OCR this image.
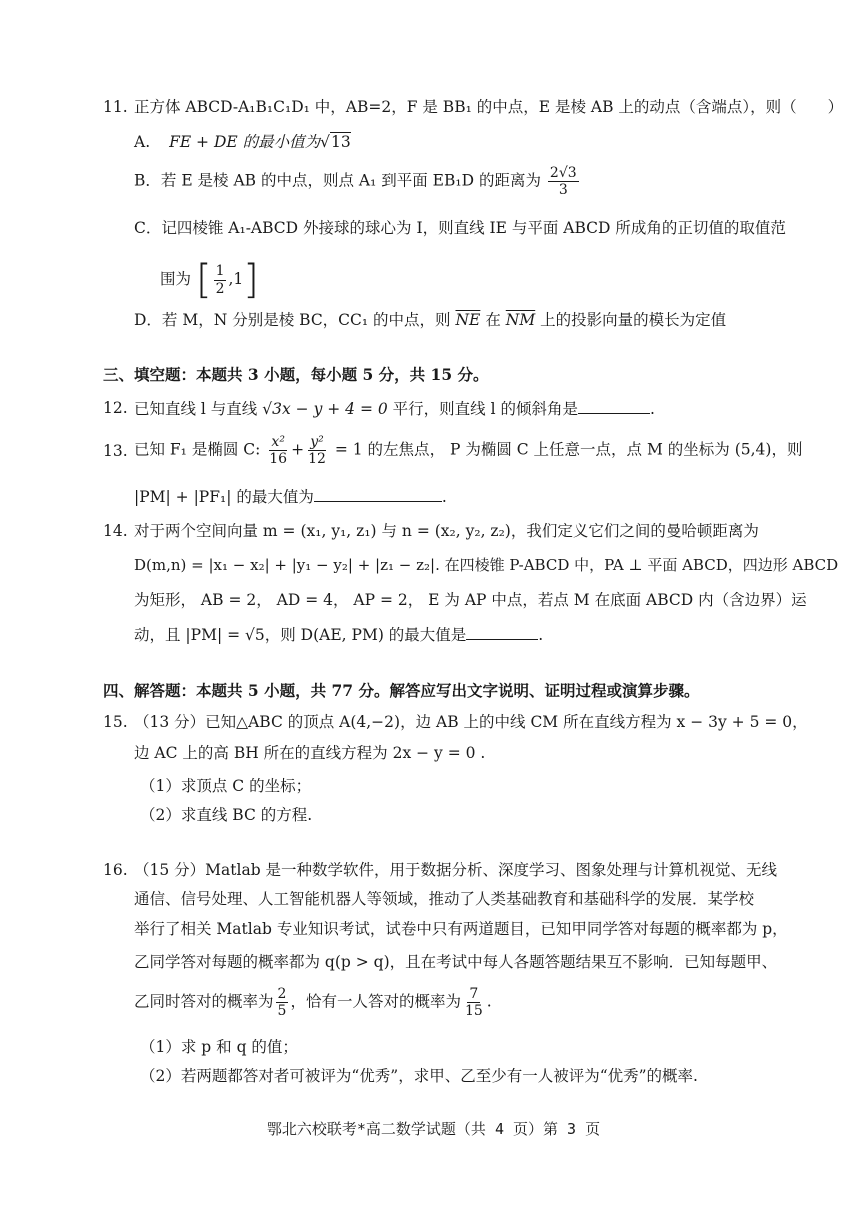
11. 正方体 ABCD-A₁B₁C₁D₁ 中，AB=2，F 是 BB₁ 的中点，E 是棱 AB 上的动点（含端点），则（　　）
A. FE + DE 的最小值为√13
B．若 E 是棱 AB 的中点，则点 A₁ 到平面 EB₁D 的距离为 $\frac{2√3}{3}$
C．记四棱锥 A₁-ABCD 外接球的球心为 I，则直线 IE 与平面 ABCD 所成角的正切值的取值范
围为 [ $\frac{1}{2} ,1$]
D．若 M，N 分别是棱 BC，CC₁ 的中点，则 $\overline{NE}$ 在 $\overline{NM}$ 上的投影向量的模长为定值
三、填空题：本题共 3 小题，每小题 5 分，共 15 分。
12. 已知直线 l 与直线 √3x − y + 4 = 0 平行，则直线 l 的倾斜角是	.
13. 已知 F₁ 是椭圆 C: $\frac{\text{x²}}{16} + \frac{\text{y²}}{12} = 1$ 的左焦点， P 为椭圆 C 上任意一点，点 M 的坐标为 (5,4)，则
|PM| + |PF₁| 的最大值为	.
14. 对于两个空间向量 m = (x₁, y₁, z₁) 与 n = (x₂, y₂, z₂)，我们定义它们之间的曼哈顿距离为
D(m,n) = |x₁ − x₂| + |y₁ − y₂| + |z₁ − z₂|. 在四棱锥 P-ABCD 中，PA ⊥ 平面 ABCD，四边形 ABCD
为矩形， AB = 2， AD = 4， AP = 2， E 为 AP 中点，若点 M 在底面 ABCD 内（含边界）运
动，且 |PM| = √5，则 D(AE, PM) 的最大值是	.
四、解答题：本题共 5 小题，共 77 分。解答应写出文字说明、证明过程或演算步骤。
15. （13 分）已知△ABC 的顶点 A(4,−2)，边 AB 上的中线 CM 所在直线方程为 x − 3y + 5 = 0，
边 AC 上的高 BH 所在的直线方程为 2x − y = 0 .
（1）求顶点 C 的坐标；
（2）求直线 BC 的方程.
16. （15 分）Matlab 是一种数学软件，用于数据分析、深度学习、图象处理与计算机视觉、无线
通信、信号处理、人工智能机器人等领域，推动了人类基础教育和基础科学的发展．某学校
举行了相关 Matlab 专业知识考试，试卷中只有两道题目，已知甲同学答对每题的概率都为 p，
乙同学答对每题的概率都为 q(p > q)，且在考试中每人各题答题结果互不影响．已知每题甲、
乙同时答对的概率为 $\frac{2}{5}$ ，恰有一人答对的概率为 $\frac{7}{15}$ .
（1）求 p 和 q 的值；
（2）若两题都答对者可被评为“优秀”，求甲、乙至少有一人被评为“优秀”的概率.
鄂北六校联考*高二数学试题（共 4 页）第 3 页
